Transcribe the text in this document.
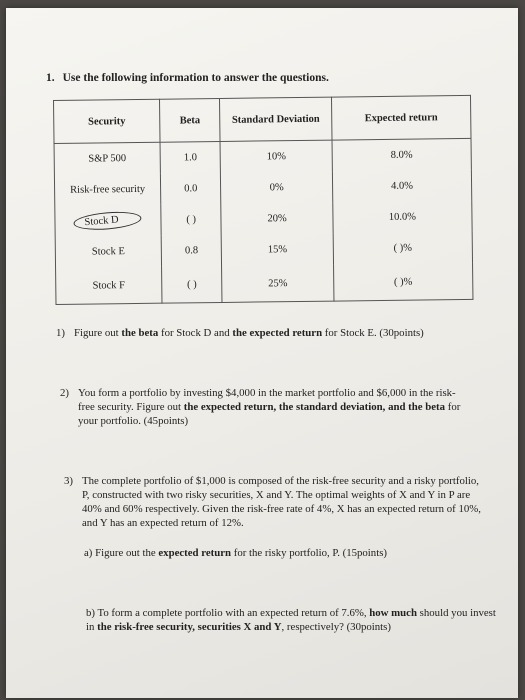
1. Use the following information to answer the questions.
Security	Beta	Standard Deviation	Expected return
S&P 500	1.0	10%	8.0%
Risk-free security	0.0	0%	4.0%
Stock D	( )	20%	10.0%
Stock E	0.8	15%	( )%
Stock F	( )	25%	( )%
1) Figure out the beta for Stock D and the expected return for Stock E. (30points)
2) You form a portfolio by investing $4,000 in the market portfolio and $6,000 in the risk-free security. Figure out the expected return, the standard deviation, and the beta for your portfolio. (45points)
3) The complete portfolio of $1,000 is composed of the risk-free security and a risky portfolio, P, constructed with two risky securities, X and Y. The optimal weights of X and Y in P are 40% and 60% respectively. Given the risk-free rate of 4%, X has an expected return of 10%, and Y has an expected return of 12%.
a) Figure out the expected return for the risky portfolio, P. (15points)
b) To form a complete portfolio with an expected return of 7.6%, how much should you invest in the risk-free security, securities X and Y, respectively? (30points)
